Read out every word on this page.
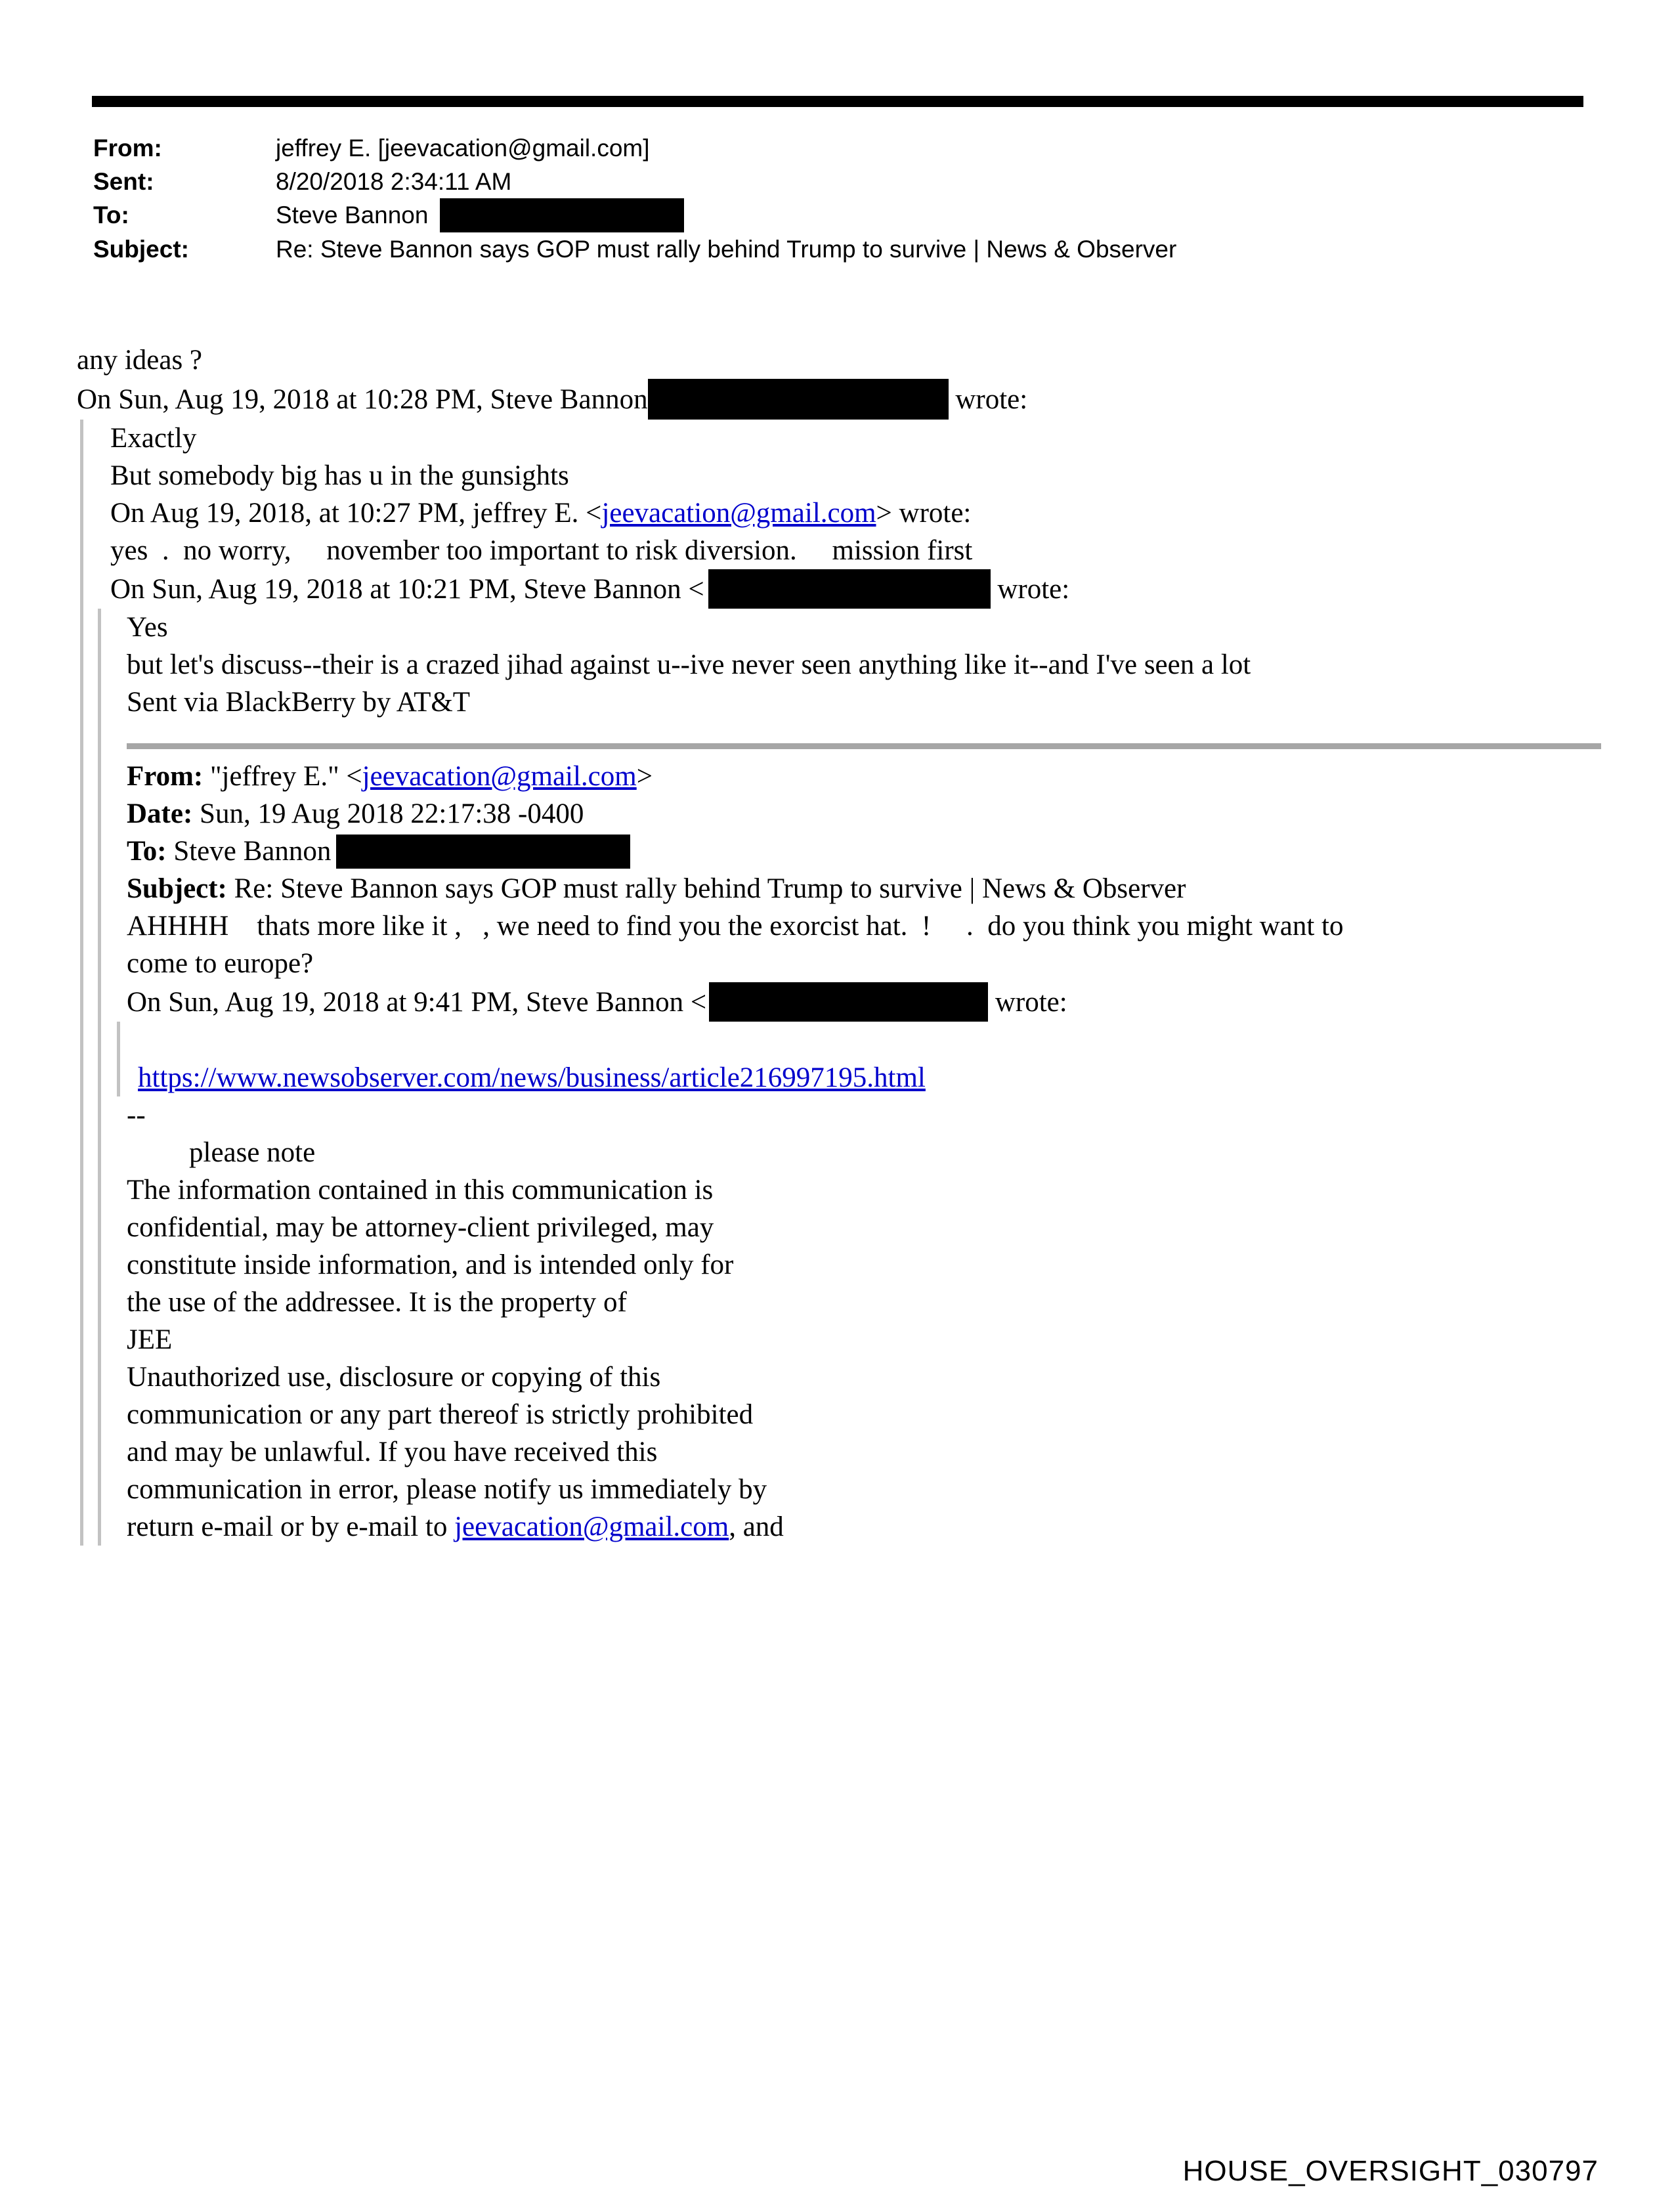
From:	jeffrey E. [jeevacation@gmail.com]
Sent:	8/20/2018 2:34:11 AM
To:	Steve Bannon
Subject:	Re: Steve Bannon says GOP must rally behind Trump to survive | News & Observer

any ideas ?

On Sun, Aug 19, 2018 at 10:28 PM, Steve Bannon	wrote:

Exactly

But somebody big has u in the gunsights

On Aug 19, 2018, at 10:27 PM, jeffrey E. <jeevacation@gmail.com> wrote:

yes  .  no worry,     november too important to risk diversion.     mission first

On Sun, Aug 19, 2018 at 10:21 PM, Steve Bannon <	wrote:

Yes

but let's discuss--their is a crazed jihad against u--ive never seen anything like it--and I've seen a lot
Sent via BlackBerry by AT&T

From: "jeffrey E." <jeevacation@gmail.com>
Date: Sun, 19 Aug 2018 22:17:38 -0400
To: Steve Bannon
Subject: Re: Steve Bannon says GOP must rally behind Trump to survive | News & Observer

AHHHH    thats more like it ,   , we need to find you the exorcist hat.  !     .  do you think you might want to
come to europe?

On Sun, Aug 19, 2018 at 9:41 PM, Steve Bannon <	wrote:

https://www.newsobserver.com/news/business/article216997195.html

--

please note

The information contained in this communication is
confidential, may be attorney-client privileged, may
constitute inside information, and is intended only for
the use of the addressee. It is the property of
JEE
Unauthorized use, disclosure or copying of this
communication or any part thereof is strictly prohibited
and may be unlawful. If you have received this
communication in error, please notify us immediately by
return e-mail or by e-mail to jeevacation@gmail.com, and
HOUSE_OVERSIGHT_030797
